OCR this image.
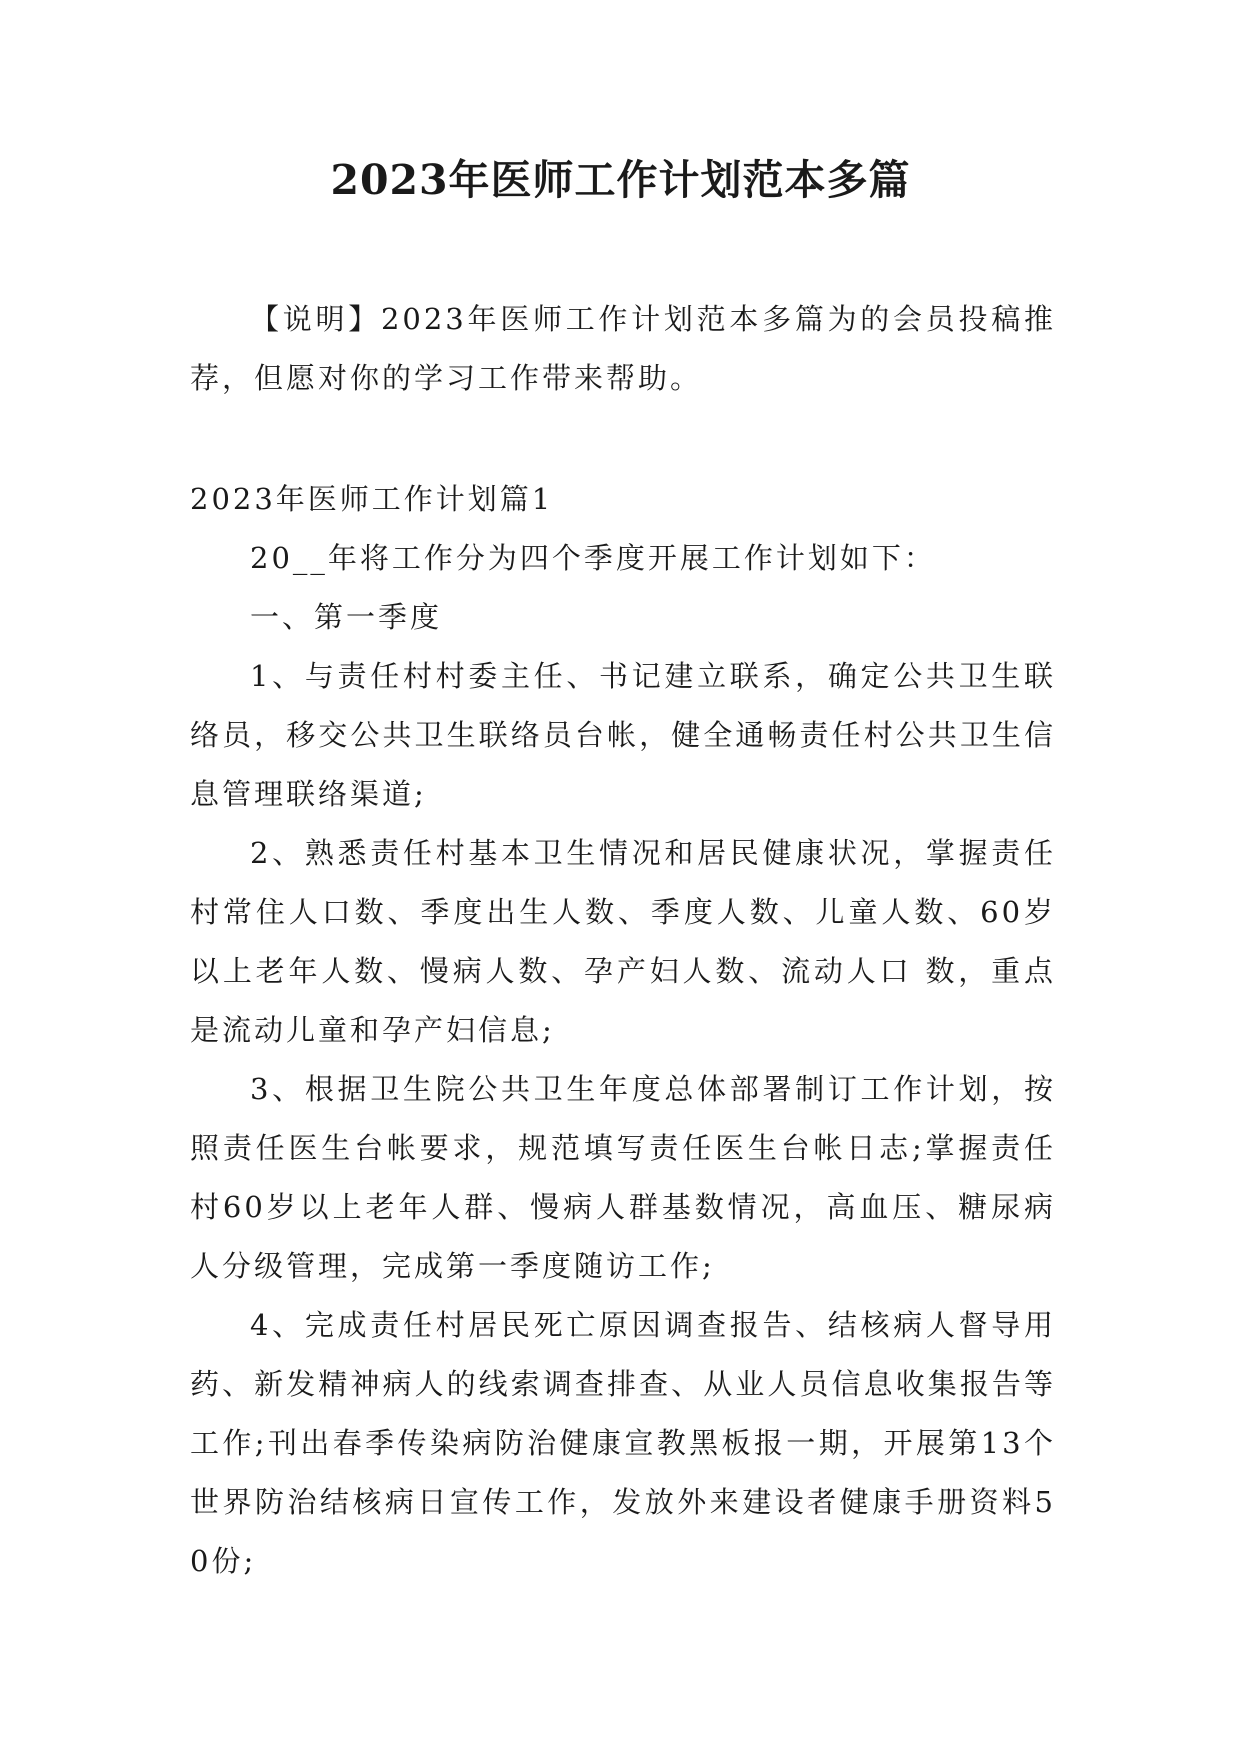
2023年医师工作计划范本多篇

【说明】2023年医师工作计划范本多篇为的会员投稿推荐，但愿对你的学习工作带来帮助。

2023年医师工作计划篇1

20__年将工作分为四个季度开展工作计划如下：

一、第一季度

1、与责任村村委主任、书记建立联系，确定公共卫生联络员，移交公共卫生联络员台帐，健全通畅责任村公共卫生信息管理联络渠道;

2、熟悉责任村基本卫生情况和居民健康状况，掌握责任村常住人口数、季度出生人数、季度人数、儿童人数、60岁以上老年人数、慢病人数、孕产妇人数、流动人口 数，重点是流动儿童和孕产妇信息;

3、根据卫生院公共卫生年度总体部署制订工作计划，按照责任医生台帐要求，规范填写责任医生台帐日志;掌握责任村60岁以上老年人群、慢病人群基数情况，高血压、糖尿病人分级管理，完成第一季度随访工作;

4、完成责任村居民死亡原因调查报告、结核病人督导用药、新发精神病人的线索调查排查、从业人员信息收集报告等工作;刊出春季传染病防治健康宣教黑板报一期，开展第13个世界防治结核病日宣传工作，发放外来建设者健康手册资料50份;
